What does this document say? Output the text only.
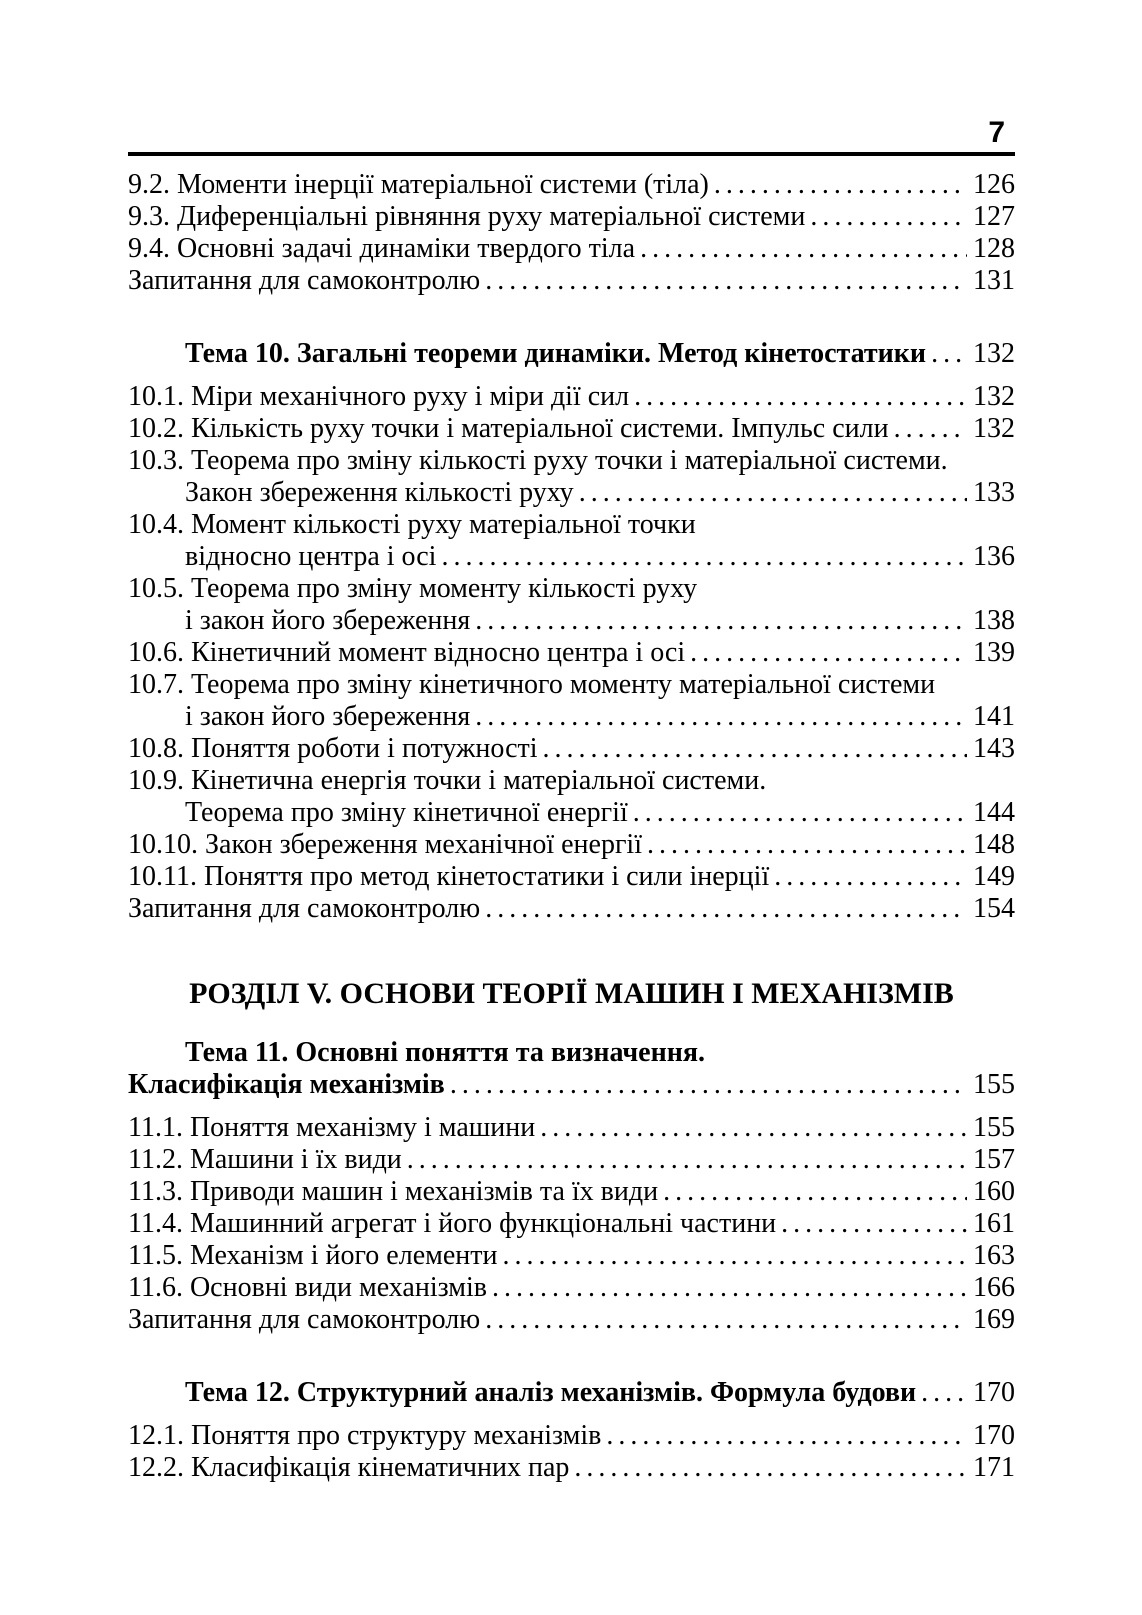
7
9.2. Моменти інерції матеріальної системи (тіла) .....	126
9.3. Диференціальні рівняння руху матеріальної системи .....	127
9.4. Основні задачі динаміки твердого тіла .....	128
Запитання для самоконтролю .....	131
Тема 10. Загальні теореми динаміки. Метод кінетостатики ..... 132
10.1. Міри механічного руху і міри дії сил .....	132
10.2. Кількість руху точки і матеріальної системи. Імпульс сили .....	132
10.3. Теорема про зміну кількості руху точки і матеріальної системи.
Закон збереження кількості руху .....	133
10.4. Момент кількості руху матеріальної точки
відносно центра і осі .....	136
10.5. Теорема про зміну моменту кількості руху
і закон його збереження .....	138
10.6. Кінетичний момент відносно центра і осі .....	139
10.7. Теорема про зміну кінетичного моменту матеріальної системи
і закон його збереження .....	141
10.8. Поняття роботи і потужності .....	143
10.9. Кінетична енергія точки і матеріальної системи.
Теорема про зміну кінетичної енергії .....	144
10.10. Закон збереження механічної енергії .....	148
10.11. Поняття про метод кінетостатики і сили інерції .....	149
Запитання для самоконтролю .....	154
РОЗДІЛ V. ОСНОВИ ТЕОРІЇ МАШИН І МЕХАНІЗМІВ
Тема 11. Основні поняття та визначення.
Класифікація механізмів .....	155
11.1. Поняття механізму і машини .....	155
11.2. Машини і їх види .....	157
11.3. Приводи машин і механізмів та їх види .....	160
11.4. Машинний агрегат і його функціональні частини .....	161
11.5. Механізм і його елементи .....	163
11.6. Основні види механізмів .....	166
Запитання для самоконтролю .....	169
Тема 12. Структурний аналіз механізмів. Формула будови ..... 170
12.1. Поняття про структуру механізмів .....	170
12.2. Класифікація кінематичних пар .....	171
